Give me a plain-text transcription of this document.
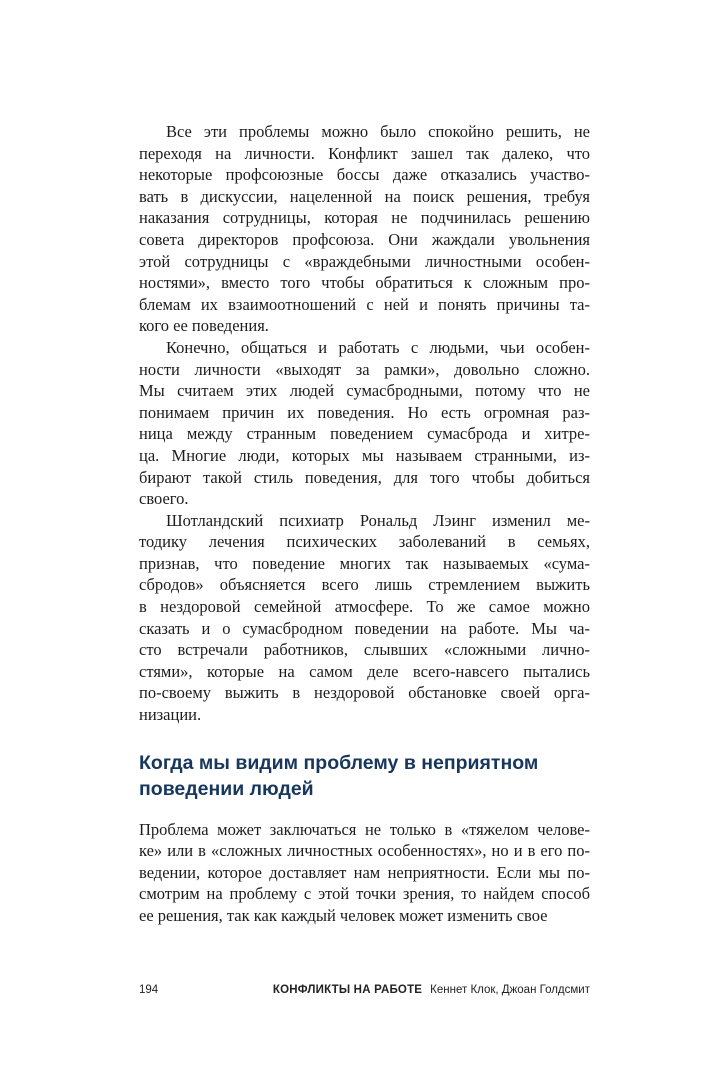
Все эти проблемы можно было спокойно решить, не
переходя на личности. Конфликт зашел так далеко, что
некоторые профсоюзные боссы даже отказались участво-
вать в дискуссии, нацеленной на поиск решения, требуя
наказания сотрудницы, которая не подчинилась решению
совета директоров профсоюза. Они жаждали увольнения
этой сотрудницы с «враждебными личностными особен-
ностями», вместо того чтобы обратиться к сложным про-
блемам их взаимоотношений с ней и понять причины та-
кого ее поведения.
Конечно, общаться и работать с людьми, чьи особен-
ности личности «выходят за рамки», довольно сложно.
Мы считаем этих людей сумасбродными, потому что не
понимаем причин их поведения. Но есть огромная раз-
ница между странным поведением сумасброда и хитре-
ца. Многие люди, которых мы называем странными, из-
бирают такой стиль поведения, для того чтобы добиться
своего.
Шотландский психиатр Рональд Лэинг изменил ме-
тодику лечения психических заболеваний в семьях,
признав, что поведение многих так называемых «сума-
сбродов» объясняется всего лишь стремлением выжить
в нездоровой семейной атмосфере. То же самое можно
сказать и о сумасбродном поведении на работе. Мы ча-
сто встречали работников, слывших «сложными лично-
стями», которые на самом деле всего-навсего пытались
по-своему выжить в нездоровой обстановке своей орга-
низации.
Когда мы видим проблему в неприятном
поведении людей
Проблема может заключаться не только в «тяжелом челове-
ке» или в «сложных личностных особенностях», но и в его по-
ведении, которое доставляет нам неприятности. Если мы по-
смотрим на проблему с этой точки зрения, то найдем способ
ее решения, так как каждый человек может изменить свое
194	КОНФЛИКТЫ НА РАБОТЕ Кеннет Клок, Джоан Голдсмит
